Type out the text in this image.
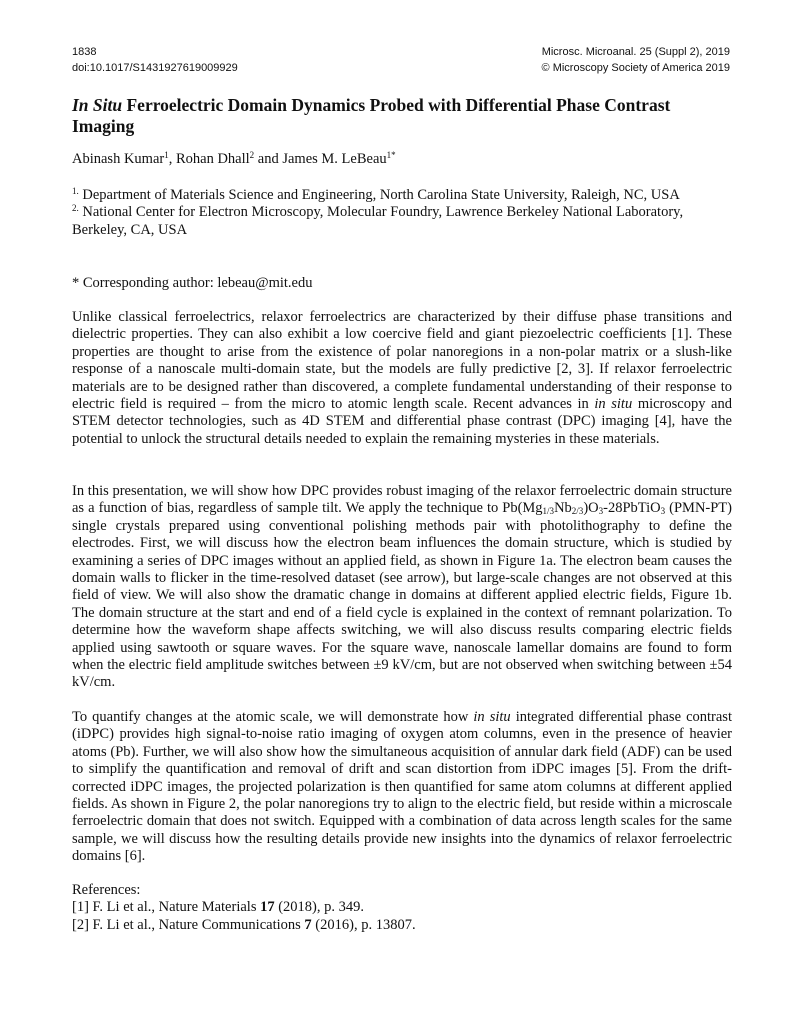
1838
doi:10.1017/S1431927619009929
Microsc. Microanal. 25 (Suppl 2), 2019
© Microscopy Society of America 2019
In Situ Ferroelectric Domain Dynamics Probed with Differential Phase Contrast Imaging
Abinash Kumar$^1$, Rohan Dhall$^2$ and James M. LeBeau$^{1*}$
$^{1.}$ Department of Materials Science and Engineering, North Carolina State University, Raleigh, NC, USA
$^{2.}$ National Center for Electron Microscopy, Molecular Foundry, Lawrence Berkeley National Laboratory, Berkeley, CA, USA
* Corresponding author: lebeau@mit.edu
Unlike classical ferroelectrics, relaxor ferroelectrics are characterized by their diffuse phase transitions and dielectric properties. They can also exhibit a low coercive field and giant piezoelectric coefficients [1]. These properties are thought to arise from the existence of polar nanoregions in a non-polar matrix or a slush-like response of a nanoscale multi-domain state, but the models are fully predictive [2, 3]. If relaxor ferroelectric materials are to be designed rather than discovered, a complete fundamental understanding of their response to electric field is required – from the micro to atomic length scale. Recent advances in in situ microscopy and STEM detector technologies, such as 4D STEM and differential phase contrast (DPC) imaging [4], have the potential to unlock the structural details needed to explain the remaining mysteries in these materials.
In this presentation, we will show how DPC provides robust imaging of the relaxor ferroelectric domain structure as a function of bias, regardless of sample tilt. We apply the technique to $Pb(Mg_{1/3}Nb_{2/3})O_3-28PbTiO_3$ (PMN-PT) single crystals prepared using conventional polishing methods pair with photolithography to define the electrodes. First, we will discuss how the electron beam influences the domain structure, which is studied by examining a series of DPC images without an applied field, as shown in Figure 1a. The electron beam causes the domain walls to flicker in the time-resolved dataset (see arrow), but large-scale changes are not observed at this field of view. We will also show the dramatic change in domains at different applied electric fields, Figure 1b. The domain structure at the start and end of a field cycle is explained in the context of remnant polarization. To determine how the waveform shape affects switching, we will also discuss results comparing electric fields applied using sawtooth or square waves. For the square wave, nanoscale lamellar domains are found to form when the electric field amplitude switches between ±9 kV/cm, but are not observed when switching between ±54 kV/cm.
To quantify changes at the atomic scale, we will demonstrate how in situ integrated differential phase contrast (iDPC) provides high signal-to-noise ratio imaging of oxygen atom columns, even in the presence of heavier atoms (Pb). Further, we will also show how the simultaneous acquisition of annular dark field (ADF) can be used to simplify the quantification and removal of drift and scan distortion from iDPC images [5]. From the drift-corrected iDPC images, the projected polarization is then quantified for same atom columns at different applied fields. As shown in Figure 2, the polar nanoregions try to align to the electric field, but reside within a microscale ferroelectric domain that does not switch. Equipped with a combination of data across length scales for the same sample, we will discuss how the resulting details provide new insights into the dynamics of relaxor ferroelectric domains [6].
References:
[1] F. Li et al., Nature Materials 17 (2018), p. 349.
[2] F. Li et al., Nature Communications 7 (2016), p. 13807.
